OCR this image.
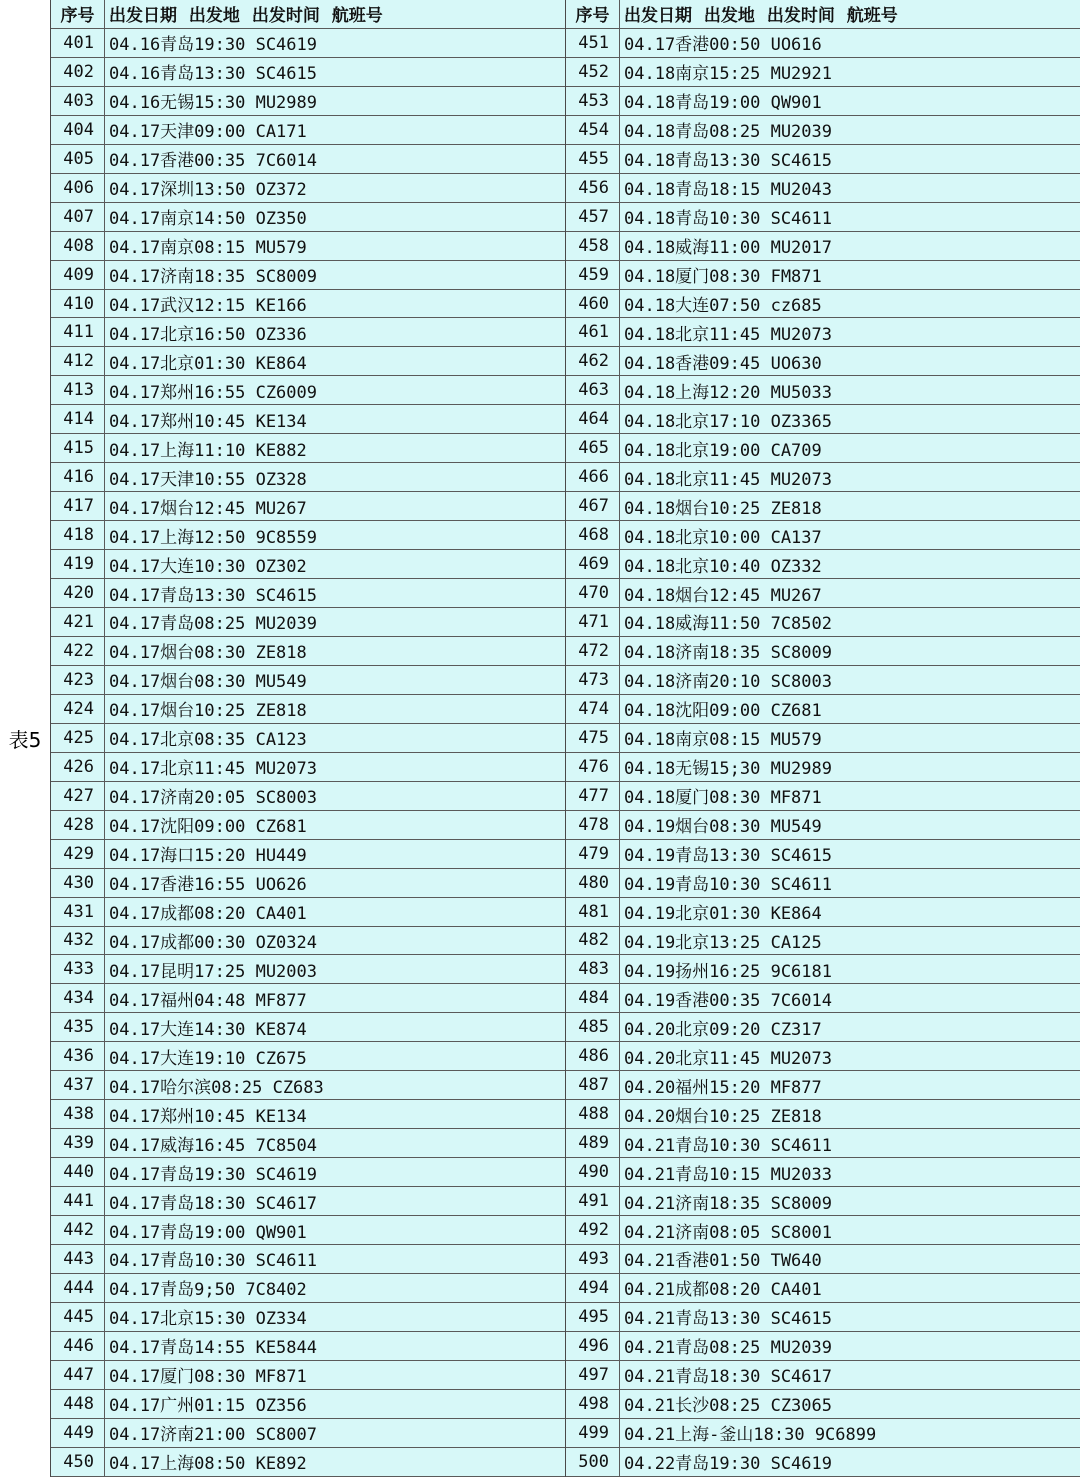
表5
序号 出发日期 出发地 出发时间 航班号
401 04.16青岛19:30 SC4619
402 04.16青岛13:30 SC4615
403 04.16无锡15:30 MU2989
404 04.17天津09:00 CA171
405 04.17香港00:35 7C6014
406 04.17深圳13:50 OZ372
407 04.17南京14:50 OZ350
408 04.17南京08:15 MU579
409 04.17济南18:35 SC8009
410 04.17武汉12:15 KE166
411 04.17北京16:50 OZ336
412 04.17北京01:30 KE864
413 04.17郑州16:55 CZ6009
414 04.17郑州10:45 KE134
415 04.17上海11:10 KE882
416 04.17天津10:55 OZ328
417 04.17烟台12:45 MU267
418 04.17上海12:50 9C8559
419 04.17大连10:30 OZ302
420 04.17青岛13:30 SC4615
421 04.17青岛08:25 MU2039
422 04.17烟台08:30 ZE818
423 04.17烟台08:30 MU549
424 04.17烟台10:25 ZE818
425 04.17北京08:35 CA123
426 04.17北京11:45 MU2073
427 04.17济南20:05 SC8003
428 04.17沈阳09:00 CZ681
429 04.17海口15:20 HU449
430 04.17香港16:55 UO626
431 04.17成都08:20 CA401
432 04.17成都00:30 OZ0324
433 04.17昆明17:25 MU2003
434 04.17福州04:48 MF877
435 04.17大连14:30 KE874
436 04.17大连19:10 CZ675
437 04.17哈尔滨08:25 CZ683
438 04.17郑州10:45 KE134
439 04.17威海16:45 7C8504
440 04.17青岛19:30 SC4619
441 04.17青岛18:30 SC4617
442 04.17青岛19:00 QW901
443 04.17青岛10:30 SC4611
444 04.17青岛9;50 7C8402
445 04.17北京15:30 OZ334
446 04.17青岛14:55 KE5844
447 04.17厦门08:30 MF871
448 04.17广州01:15 OZ356
449 04.17济南21:00 SC8007
450 04.17上海08:50 KE892
序号 出发日期 出发地 出发时间 航班号
451 04.17香港00:50 UO616
452 04.18南京15:25 MU2921
453 04.18青岛19:00 QW901
454 04.18青岛08:25 MU2039
455 04.18青岛13:30 SC4615
456 04.18青岛18:15 MU2043
457 04.18青岛10:30 SC4611
458 04.18威海11:00 MU2017
459 04.18厦门08:30 FM871
460 04.18大连07:50 cz685
461 04.18北京11:45 MU2073
462 04.18香港09:45 UO630
463 04.18上海12:20 MU5033
464 04.18北京17:10 OZ3365
465 04.18北京19:00 CA709
466 04.18北京11:45 MU2073
467 04.18烟台10:25 ZE818
468 04.18北京10:00 CA137
469 04.18北京10:40 OZ332
470 04.18烟台12:45 MU267
471 04.18威海11:50 7C8502
472 04.18济南18:35 SC8009
473 04.18济南20:10 SC8003
474 04.18沈阳09:00 CZ681
475 04.18南京08:15 MU579
476 04.18无锡15;30 MU2989
477 04.18厦门08:30 MF871
478 04.19烟台08:30 MU549
479 04.19青岛13:30 SC4615
480 04.19青岛10:30 SC4611
481 04.19北京01:30 KE864
482 04.19北京13:25 CA125
483 04.19扬州16:25 9C6181
484 04.19香港00:35 7C6014
485 04.20北京09:20 CZ317
486 04.20北京11:45 MU2073
487 04.20福州15:20 MF877
488 04.20烟台10:25 ZE818
489 04.21青岛10:30 SC4611
490 04.21青岛10:15 MU2033
491 04.21济南18:35 SC8009
492 04.21济南08:05 SC8001
493 04.21香港01:50 TW640
494 04.21成都08:20 CA401
495 04.21青岛13:30 SC4615
496 04.21青岛08:25 MU2039
497 04.21青岛18:30 SC4617
498 04.21长沙08:25 CZ3065
499 04.21上海-釜山18:30 9C6899
500 04.22青岛19:30 SC4619
